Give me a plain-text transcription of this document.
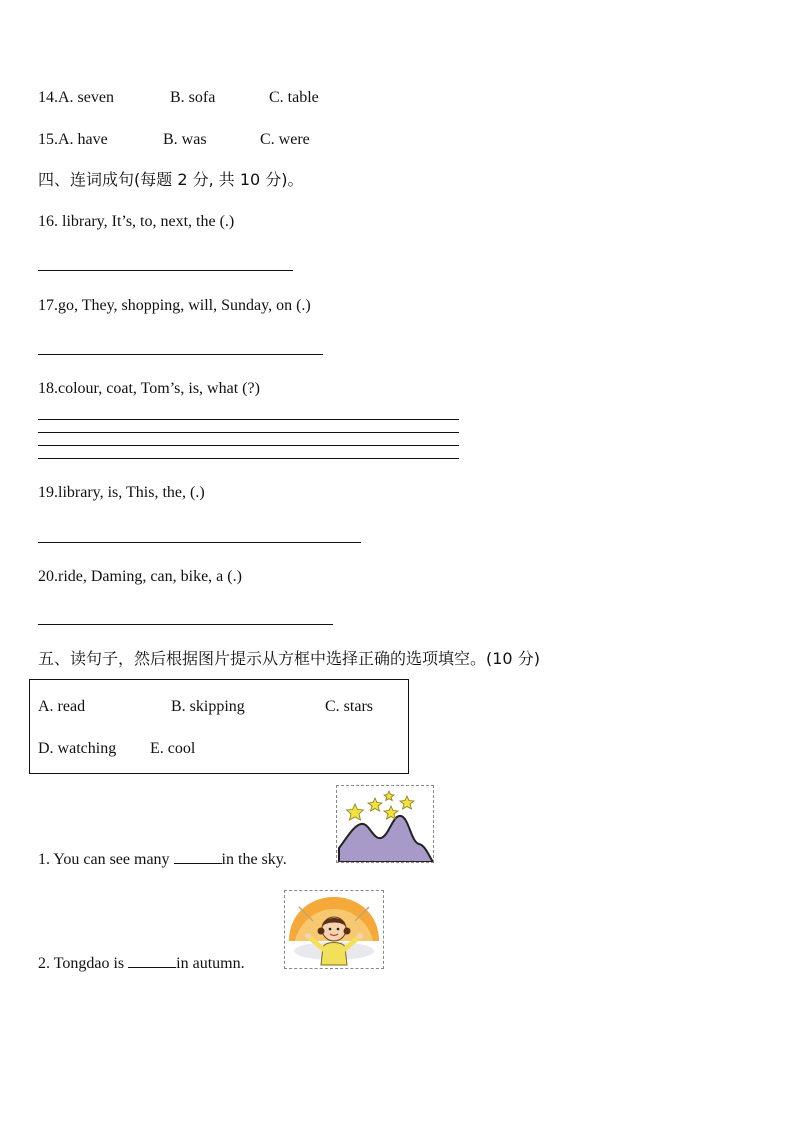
14.A. seven	B. sofa	C. table
15.A. have	B. was	C. were
四、连词成句(每题 2 分, 共 10 分)。
16. library, It’s, to, next, the (.)
17.go, They, shopping, will, Sunday, on (.)
18.colour, coat, Tom’s, is, what (?)
19.library, is, This, the, (.)
20.ride, Daming, can, bike, a (.)
五、读句子，然后根据图片提示从方框中选择正确的选项填空。(10 分)
A. read	B. skipping	C. stars
D. watching E. cool
1. You can see many	in the sky.
2. Tongdao is	in autumn.
